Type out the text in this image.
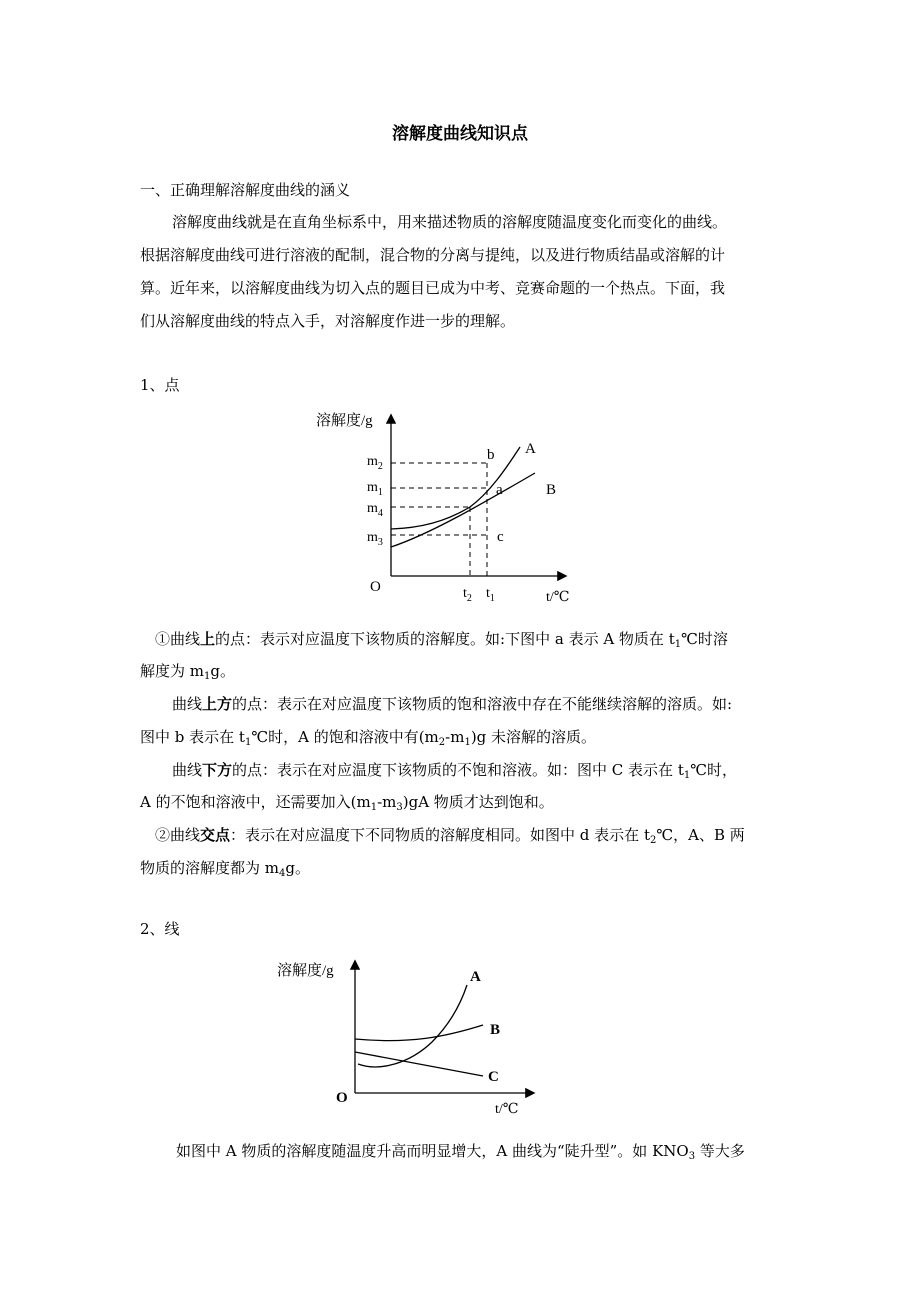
溶解度曲线知识点
一、正确理解溶解度曲线的涵义
溶解度曲线就是在直角坐标系中，用来描述物质的溶解度随温度变化而变化的曲线。
根据溶解度曲线可进行溶液的配制，混合物的分离与提纯，以及进行物质结晶或溶解的计
算。近年来，以溶解度曲线为切入点的题目已成为中考、竞赛命题的一个热点。下面，我
们从溶解度曲线的特点入手，对溶解度作进一步的理解。
1、点
溶解度/g
t/℃
O
$m_2$
$m_1$
$m_4$
$m_3$
$t_2$ $t_1$
A
B
a
b
c
①曲线上的点：表示对应温度下该物质的溶解度。如:下图中 a 表示 A 物质在 $t_1℃$时溶
解度为 $m_1g$。
曲线上方的点：表示在对应温度下该物质的饱和溶液中存在不能继续溶解的溶质。如:
图中 b 表示在 $t_1℃$时，A 的饱和溶液中有$(m_2-m_1)g$ 未溶解的溶质。
曲线下方的点：表示在对应温度下该物质的不饱和溶液。如：图中 C 表示在 $t_1℃$时，
A 的不饱和溶液中，还需要加入$(m_1-m_3)gA$ 物质才达到饱和。
②曲线交点：表示在对应温度下不同物质的溶解度相同。如图中 d 表示在 $t_2℃$，A、B 两
物质的溶解度都为 $m_4g$。
2、线
溶解度/g
t/℃
O
A
B
C
如图中 A 物质的溶解度随温度升高而明显增大，A 曲线为“陡升型”。如 $KNO_3$ 等大多
